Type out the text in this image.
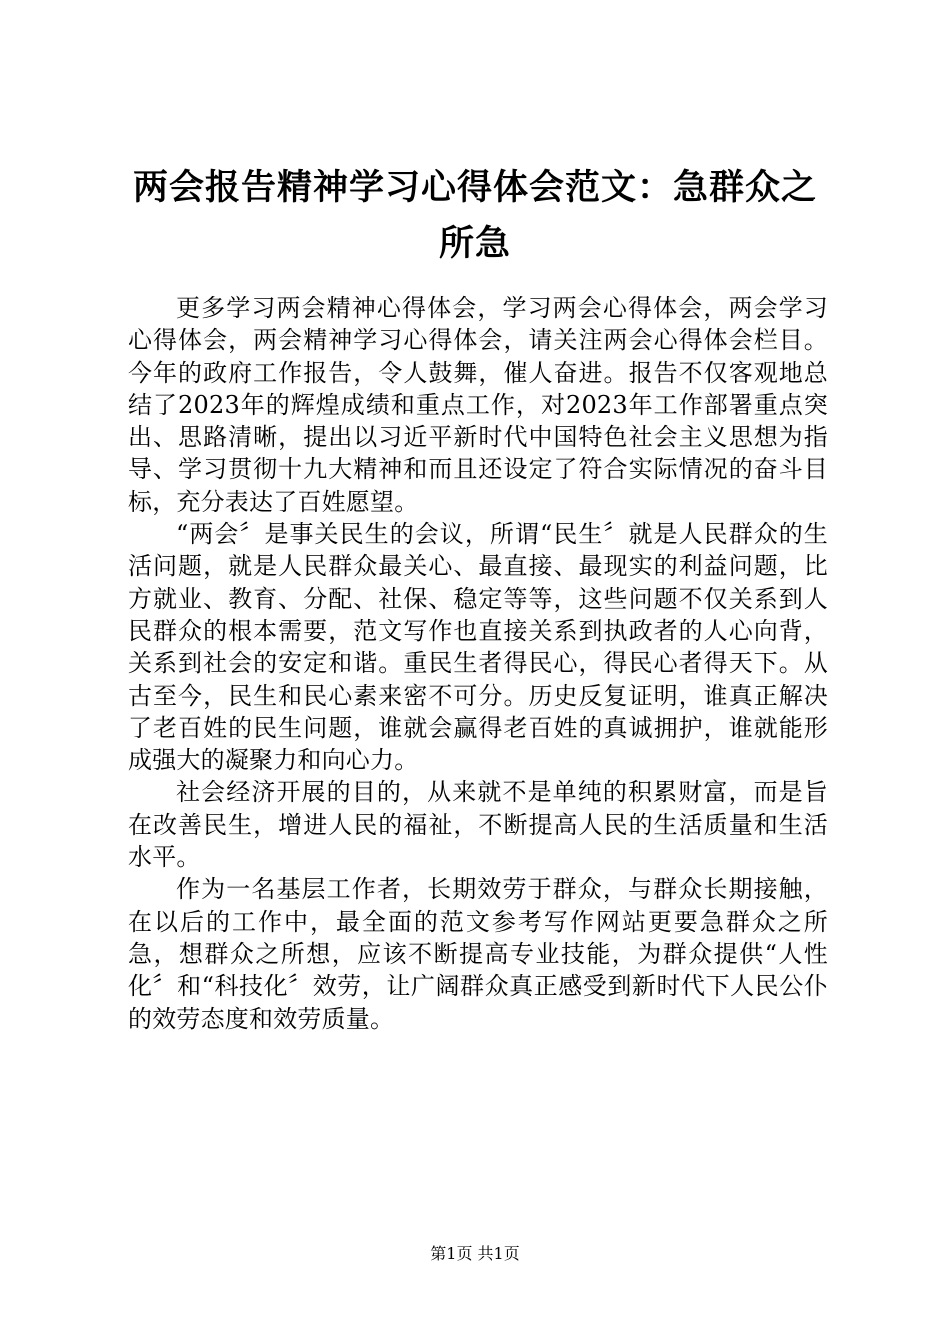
两会报告精神学习心得体会范文：急群众之所急

更多学习两会精神心得体会，学习两会心得体会，两会学习心得体会，两会精神学习心得体会，请关注两会心得体会栏目。今年的政府工作报告，令人鼓舞，催人奋进。报告不仅客观地总结了2023年的辉煌成绩和重点工作，对2023年工作部署重点突出、思路清晰，提出以习近平新时代中国特色社会主义思想为指导、学习贯彻十九大精神和而且还设定了符合实际情况的奋斗目标，充分表达了百姓愿望。

“两会〞是事关民生的会议，所谓“民生〞就是人民群众的生活问题，就是人民群众最关心、最直接、最现实的利益问题，比方就业、教育、分配、社保、稳定等等，这些问题不仅关系到人民群众的根本需要，范文写作也直接关系到执政者的人心向背，关系到社会的安定和谐。重民生者得民心，得民心者得天下。从古至今，民生和民心素来密不可分。历史反复证明，谁真正解决了老百姓的民生问题，谁就会赢得老百姓的真诚拥护，谁就能形成强大的凝聚力和向心力。

社会经济开展的目的，从来就不是单纯的积累财富，而是旨在改善民生，增进人民的福祉，不断提高人民的生活质量和生活水平。

作为一名基层工作者，长期效劳于群众，与群众长期接触，在以后的工作中，最全面的范文参考写作网站更要急群众之所急，想群众之所想，应该不断提高专业技能，为群众提供“人性化〞和“科技化〞效劳，让广阔群众真正感受到新时代下人民公仆的效劳态度和效劳质量。

第1页 共1页
